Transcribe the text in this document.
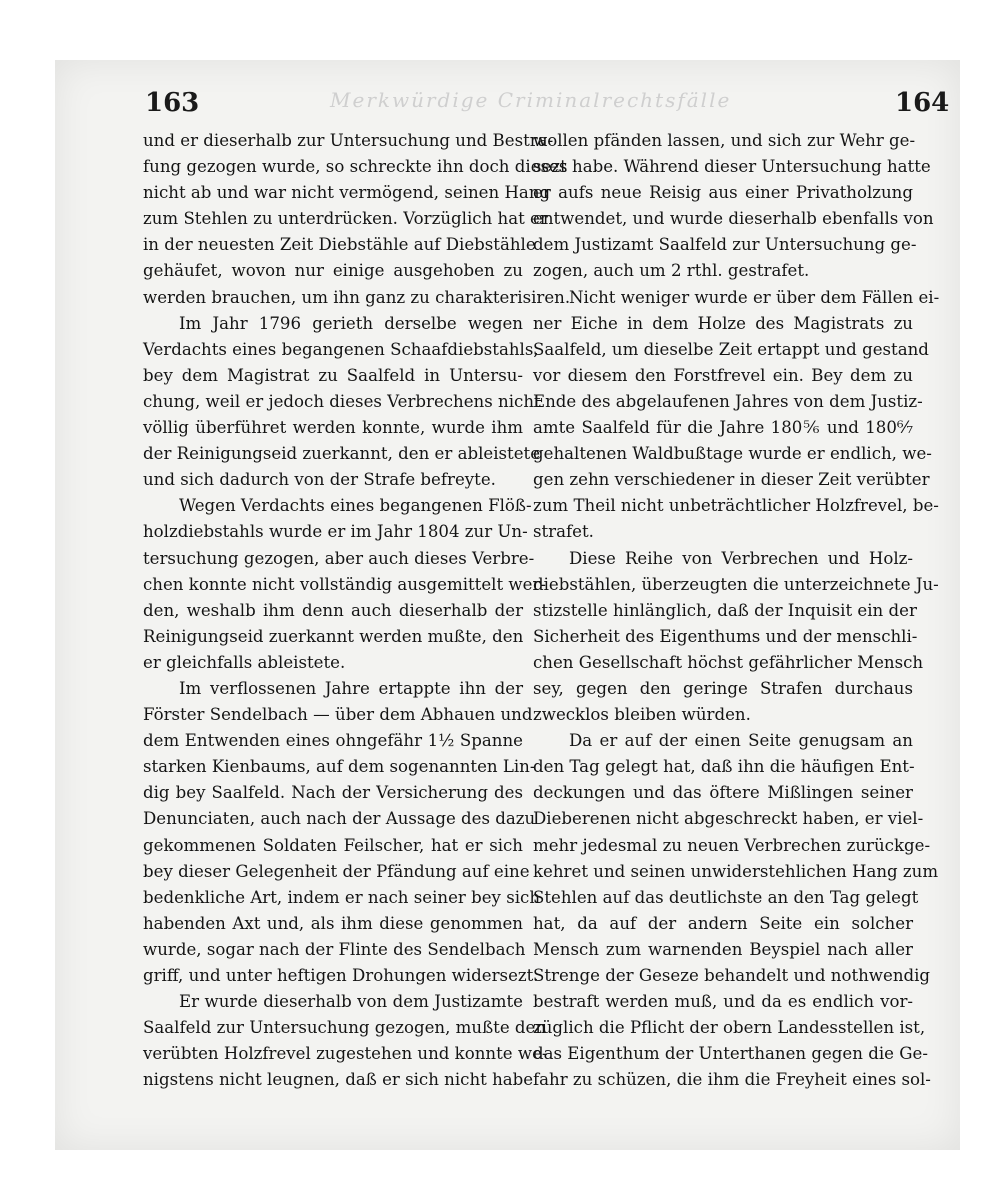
Merkwürdige Criminalrechtsfälle
163	164
und er dieserhalb zur Untersuchung und Bestra-
fung gezogen wurde, so schreckte ihn doch dieses
nicht ab und war nicht vermögend, seinen Hang
zum Stehlen zu unterdrücken. Vorzüglich hat er
in der neuesten Zeit Diebstähle auf Diebstähle
gehäufet, wovon nur einige ausgehoben zu
werden brauchen, um ihn ganz zu charakterisiren.
Im Jahr 1796 gerieth derselbe wegen
Verdachts eines begangenen Schaafdiebstahls,
bey dem Magistrat zu Saalfeld in Untersu-
chung, weil er jedoch dieses Verbrechens nicht
völlig überführet werden konnte, wurde ihm
der Reinigungseid zuerkannt, den er ableistete
und sich dadurch von der Strafe befreyte.
Wegen Verdachts eines begangenen Flöß-
holzdiebstahls wurde er im Jahr 1804 zur Un-
tersuchung gezogen, aber auch dieses Verbre-
chen konnte nicht vollständig ausgemittelt wer-
den, weshalb ihm denn auch dieserhalb der
Reinigungseid zuerkannt werden mußte, den
er gleichfalls ableistete.
Im verflossenen Jahre ertappte ihn der
Förster Sendelbach — über dem Abhauen und
dem Entwenden eines ohngefähr 1½ Spanne
starken Kienbaums, auf dem sogenannten Lin-
dig bey Saalfeld. Nach der Versicherung des
Denunciaten, auch nach der Aussage des dazu
gekommenen Soldaten Feilscher, hat er sich
bey dieser Gelegenheit der Pfändung auf eine
bedenkliche Art, indem er nach seiner bey sich
habenden Axt und, als ihm diese genommen
wurde, sogar nach der Flinte des Sendelbach
griff, und unter heftigen Drohungen widersezt.
Er wurde dieserhalb von dem Justizamte
Saalfeld zur Untersuchung gezogen, mußte den
verübten Holzfrevel zugestehen und konnte we-
nigstens nicht leugnen, daß er sich nicht habe
wollen pfänden lassen, und sich zur Wehr ge-
sezt habe. Während dieser Untersuchung hatte
er aufs neue Reisig aus einer Privatholzung
entwendet, und wurde dieserhalb ebenfalls von
dem Justizamt Saalfeld zur Untersuchung ge-
zogen, auch um 2 rthl. gestrafet.
Nicht weniger wurde er über dem Fällen ei-
ner Eiche in dem Holze des Magistrats zu
Saalfeld, um dieselbe Zeit ertappt und gestand
vor diesem den Forstfrevel ein. Bey dem zu
Ende des abgelaufenen Jahres von dem Justiz-
amte Saalfeld für die Jahre 180⅚ und 180⁶⁄₇
gehaltenen Waldbußtage wurde er endlich, we-
gen zehn verschiedener in dieser Zeit verübter
zum Theil nicht unbeträchtlicher Holzfrevel, be-
strafet.
Diese Reihe von Verbrechen und Holz-
diebstählen, überzeugten die unterzeichnete Ju-
stizstelle hinlänglich, daß der Inquisit ein der
Sicherheit des Eigenthums und der menschli-
chen Gesellschaft höchst gefährlicher Mensch
sey, gegen den geringe Strafen durchaus
zwecklos bleiben würden.
Da er auf der einen Seite genugsam an
den Tag gelegt hat, daß ihn die häufigen Ent-
deckungen und das öftere Mißlingen seiner
Dieberenen nicht abgeschreckt haben, er viel-
mehr jedesmal zu neuen Verbrechen zurückge-
kehret und seinen unwiderstehlichen Hang zum
Stehlen auf das deutlichste an den Tag gelegt
hat, da auf der andern Seite ein solcher
Mensch zum warnenden Beyspiel nach aller
Strenge der Geseze behandelt und nothwendig
bestraft werden muß, und da es endlich vor-
züglich die Pflicht der obern Landesstellen ist,
das Eigenthum der Unterthanen gegen die Ge-
fahr zu schüzen, die ihm die Freyheit eines sol-
